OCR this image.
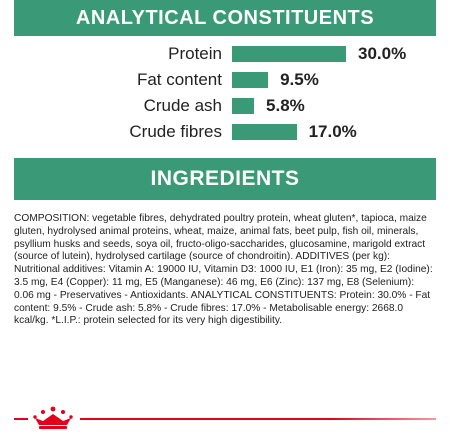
ANALYTICAL CONSTITUENTS
Protein	30.0%
Fat content	9.5%
Crude ash	5.8%
Crude fibres	17.0%
INGREDIENTS
COMPOSITION: vegetable fibres, dehydrated poultry protein, wheat gluten*, tapioca, maize gluten, hydrolysed animal proteins, wheat, maize, animal fats, beet pulp, fish oil, minerals, psyllium husks and seeds, soya oil, fructo-oligo-saccharides, glucosamine, marigold extract (source of lutein), hydrolysed cartilage (source of chondroitin). ADDITIVES (per kg): Nutritional additives: Vitamin A: 19000 IU, Vitamin D3: 1000 IU, E1 (Iron): 35 mg, E2 (Iodine): 3.5 mg, E4 (Copper): 11 mg, E5 (Manganese): 46 mg, E6 (Zinc): 137 mg, E8 (Selenium): 0.06 mg - Preservatives - Antioxidants. ANALYTICAL CONSTITUENTS: Protein: 30.0% - Fat content: 9.5% - Crude ash: 5.8% - Crude fibres: 17.0% - Metabolisable energy: 2668.0 kcal/kg. *L.I.P.: protein selected for its very high digestibility.
